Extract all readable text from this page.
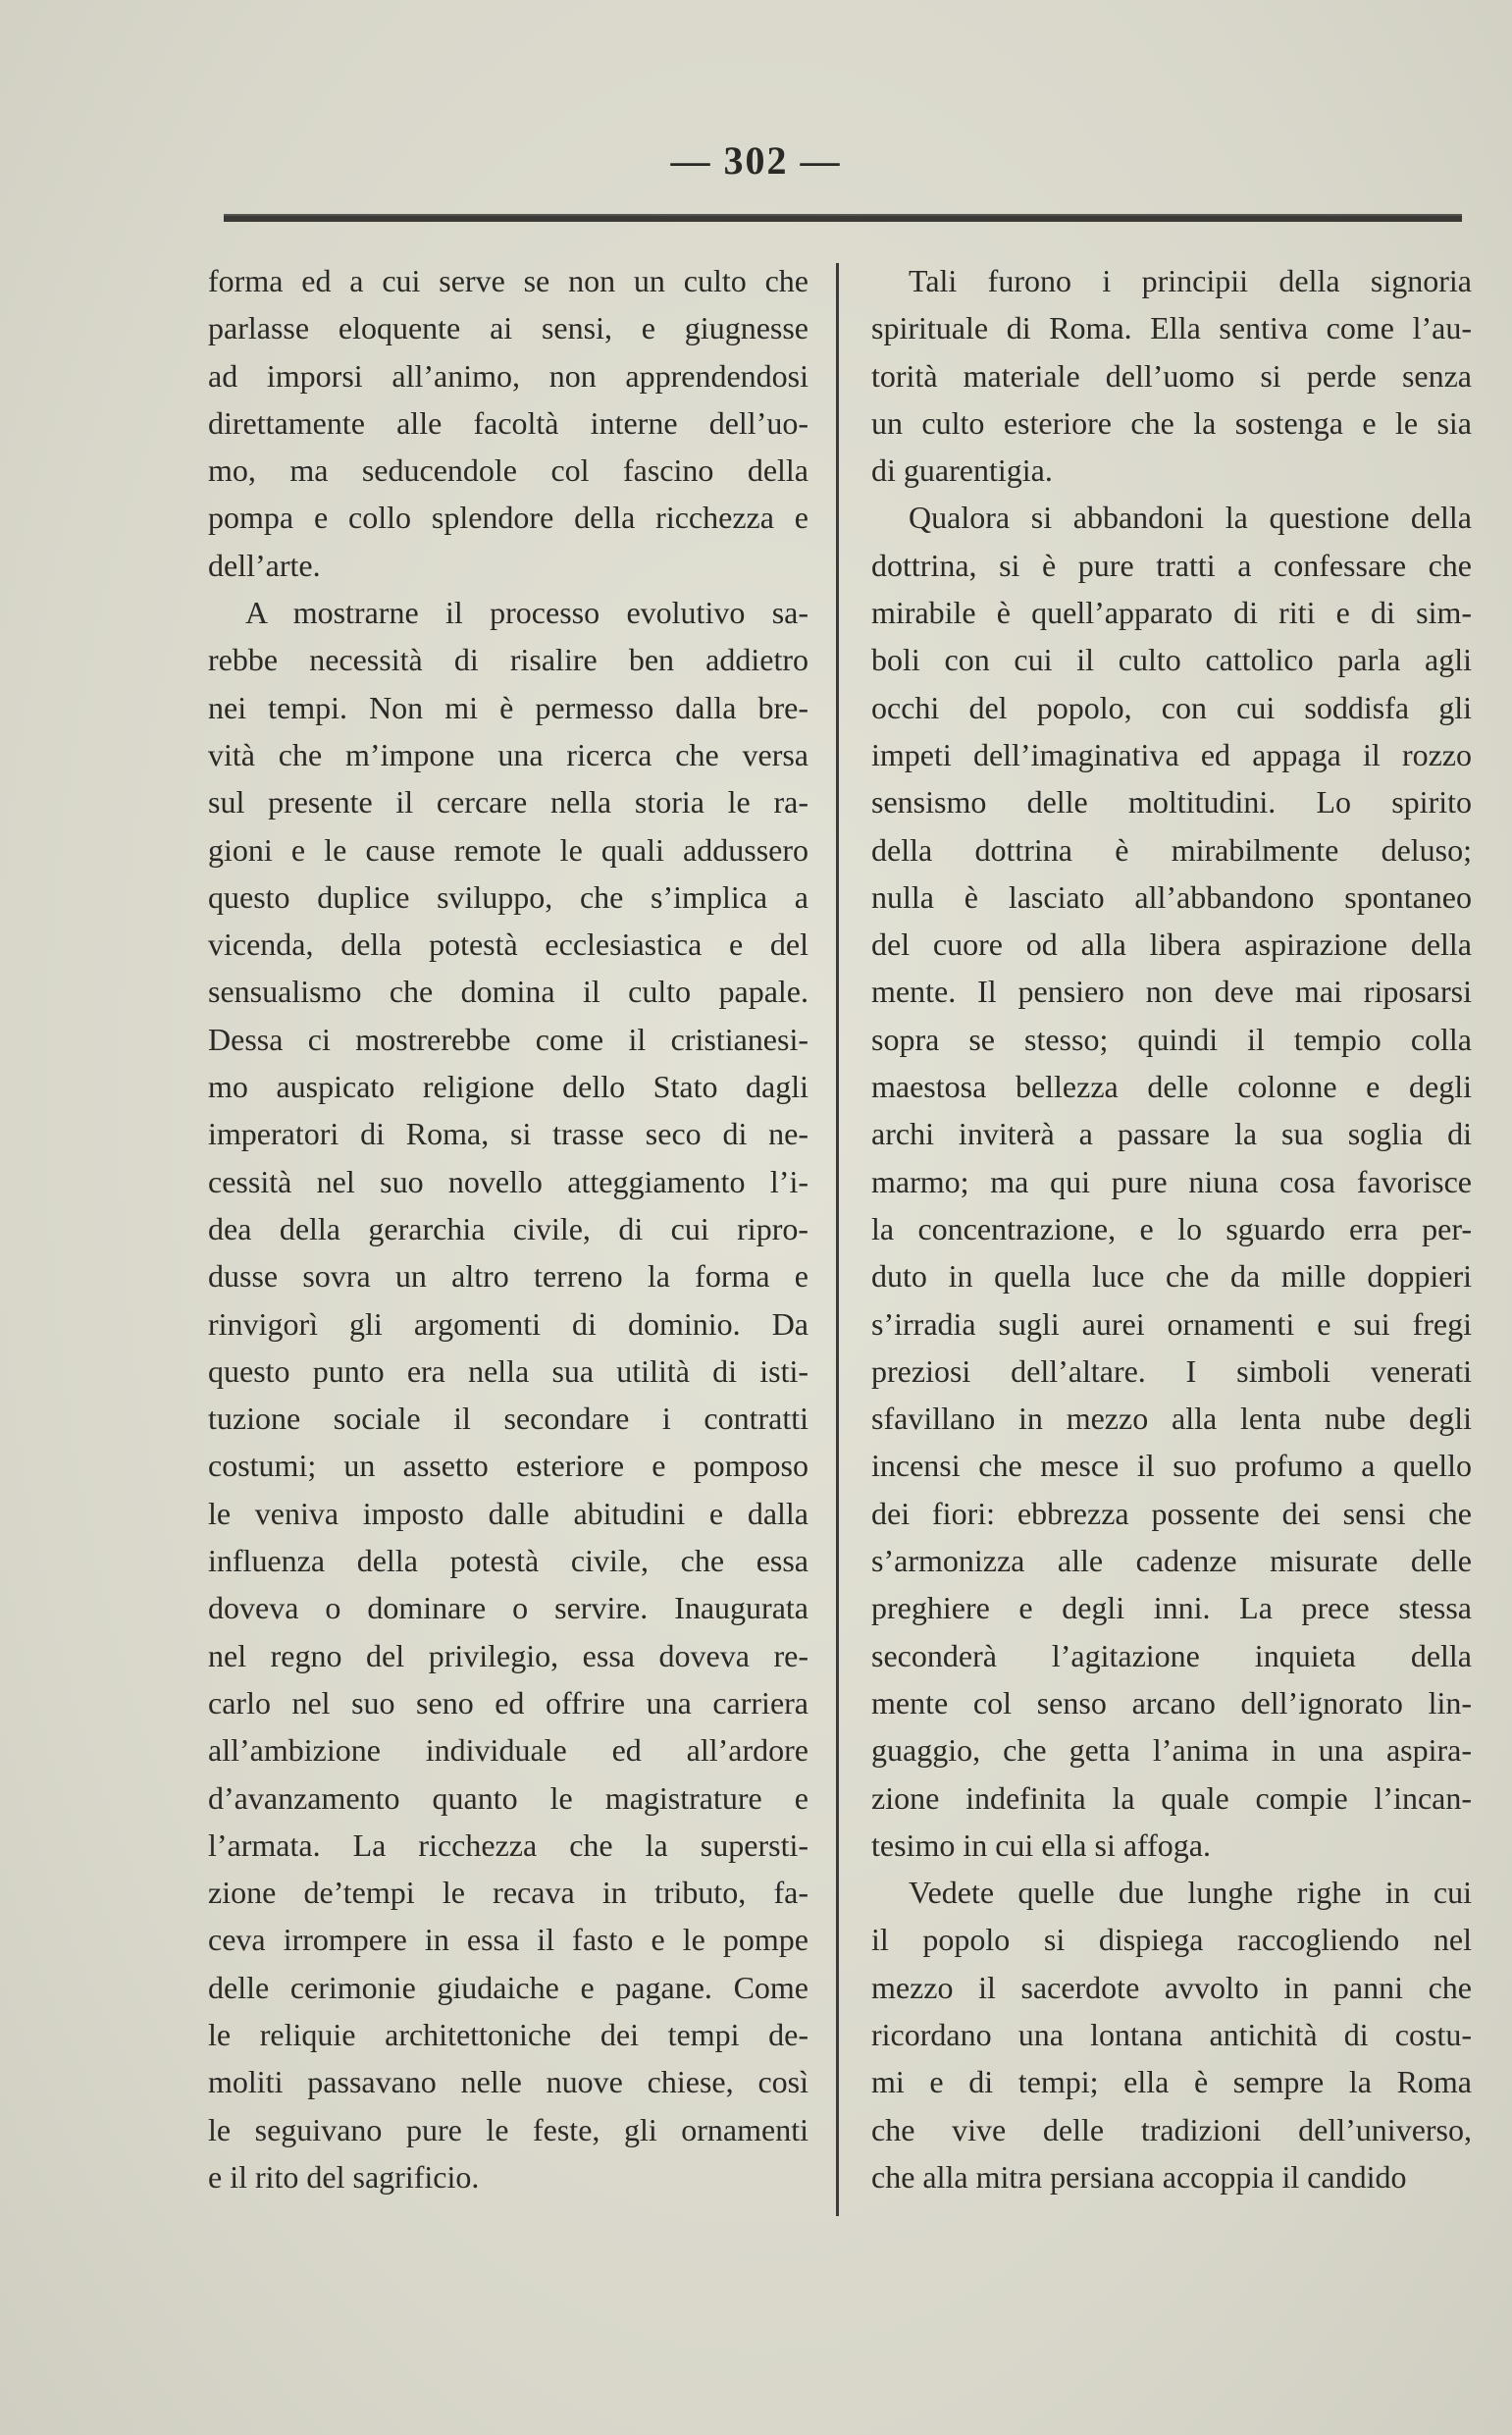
— 302 —
forma ed a cui serve se non un culto che
parlasse eloquente ai sensi, e giugnesse
ad imporsi all’animo, non apprendendosi
direttamente alle facoltà interne dell’uo-
mo, ma seducendole col fascino della
pompa e collo splendore della ricchezza e
dell’arte.
A mostrarne il processo evolutivo sa-
rebbe necessità di risalire ben addietro
nei tempi. Non mi è permesso dalla bre-
vità che m’impone una ricerca che versa
sul presente il cercare nella storia le ra-
gioni e le cause remote le quali addussero
questo duplice sviluppo, che s’implica a
vicenda, della potestà ecclesiastica e del
sensualismo che domina il culto papale.
Dessa ci mostrerebbe come il cristianesi-
mo auspicato religione dello Stato dagli
imperatori di Roma, si trasse seco di ne-
cessità nel suo novello atteggiamento l’i-
dea della gerarchia civile, di cui ripro-
dusse sovra un altro terreno la forma e
rinvigorì gli argomenti di dominio. Da
questo punto era nella sua utilità di isti-
tuzione sociale il secondare i contratti
costumi; un assetto esteriore e pomposo
le veniva imposto dalle abitudini e dalla
influenza della potestà civile, che essa
doveva o dominare o servire. Inaugurata
nel regno del privilegio, essa doveva re-
carlo nel suo seno ed offrire una carriera
all’ambizione individuale ed all’ardore
d’avanzamento quanto le magistrature e
l’armata. La ricchezza che la supersti-
zione de’tempi le recava in tributo, fa-
ceva irrompere in essa il fasto e le pompe
delle cerimonie giudaiche e pagane. Come
le reliquie architettoniche dei tempi de-
moliti passavano nelle nuove chiese, così
le seguivano pure le feste, gli ornamenti
e il rito del sagrificio.
Tali furono i principii della signoria
spirituale di Roma. Ella sentiva come l’au-
torità materiale dell’uomo si perde senza
un culto esteriore che la sostenga e le sia
di guarentigia.
Qualora si abbandoni la questione della
dottrina, si è pure tratti a confessare che
mirabile è quell’apparato di riti e di sim-
boli con cui il culto cattolico parla agli
occhi del popolo, con cui soddisfa gli
impeti dell’imaginativa ed appaga il rozzo
sensismo delle moltitudini. Lo spirito
della dottrina è mirabilmente deluso;
nulla è lasciato all’abbandono spontaneo
del cuore od alla libera aspirazione della
mente. Il pensiero non deve mai riposarsi
sopra se stesso; quindi il tempio colla
maestosa bellezza delle colonne e degli
archi inviterà a passare la sua soglia di
marmo; ma qui pure niuna cosa favorisce
la concentrazione, e lo sguardo erra per-
duto in quella luce che da mille doppieri
s’irradia sugli aurei ornamenti e sui fregi
preziosi dell’altare. I simboli venerati
sfavillano in mezzo alla lenta nube degli
incensi che mesce il suo profumo a quello
dei fiori: ebbrezza possente dei sensi che
s’armonizza alle cadenze misurate delle
preghiere e degli inni. La prece stessa
seconderà l’agitazione inquieta della
mente col senso arcano dell’ignorato lin-
guaggio, che getta l’anima in una aspira-
zione indefinita la quale compie l’incan-
tesimo in cui ella si affoga.
Vedete quelle due lunghe righe in cui
il popolo si dispiega raccogliendo nel
mezzo il sacerdote avvolto in panni che
ricordano una lontana antichità di costu-
mi e di tempi; ella è sempre la Roma
che vive delle tradizioni dell’universo,
che alla mitra persiana accoppia il candido
